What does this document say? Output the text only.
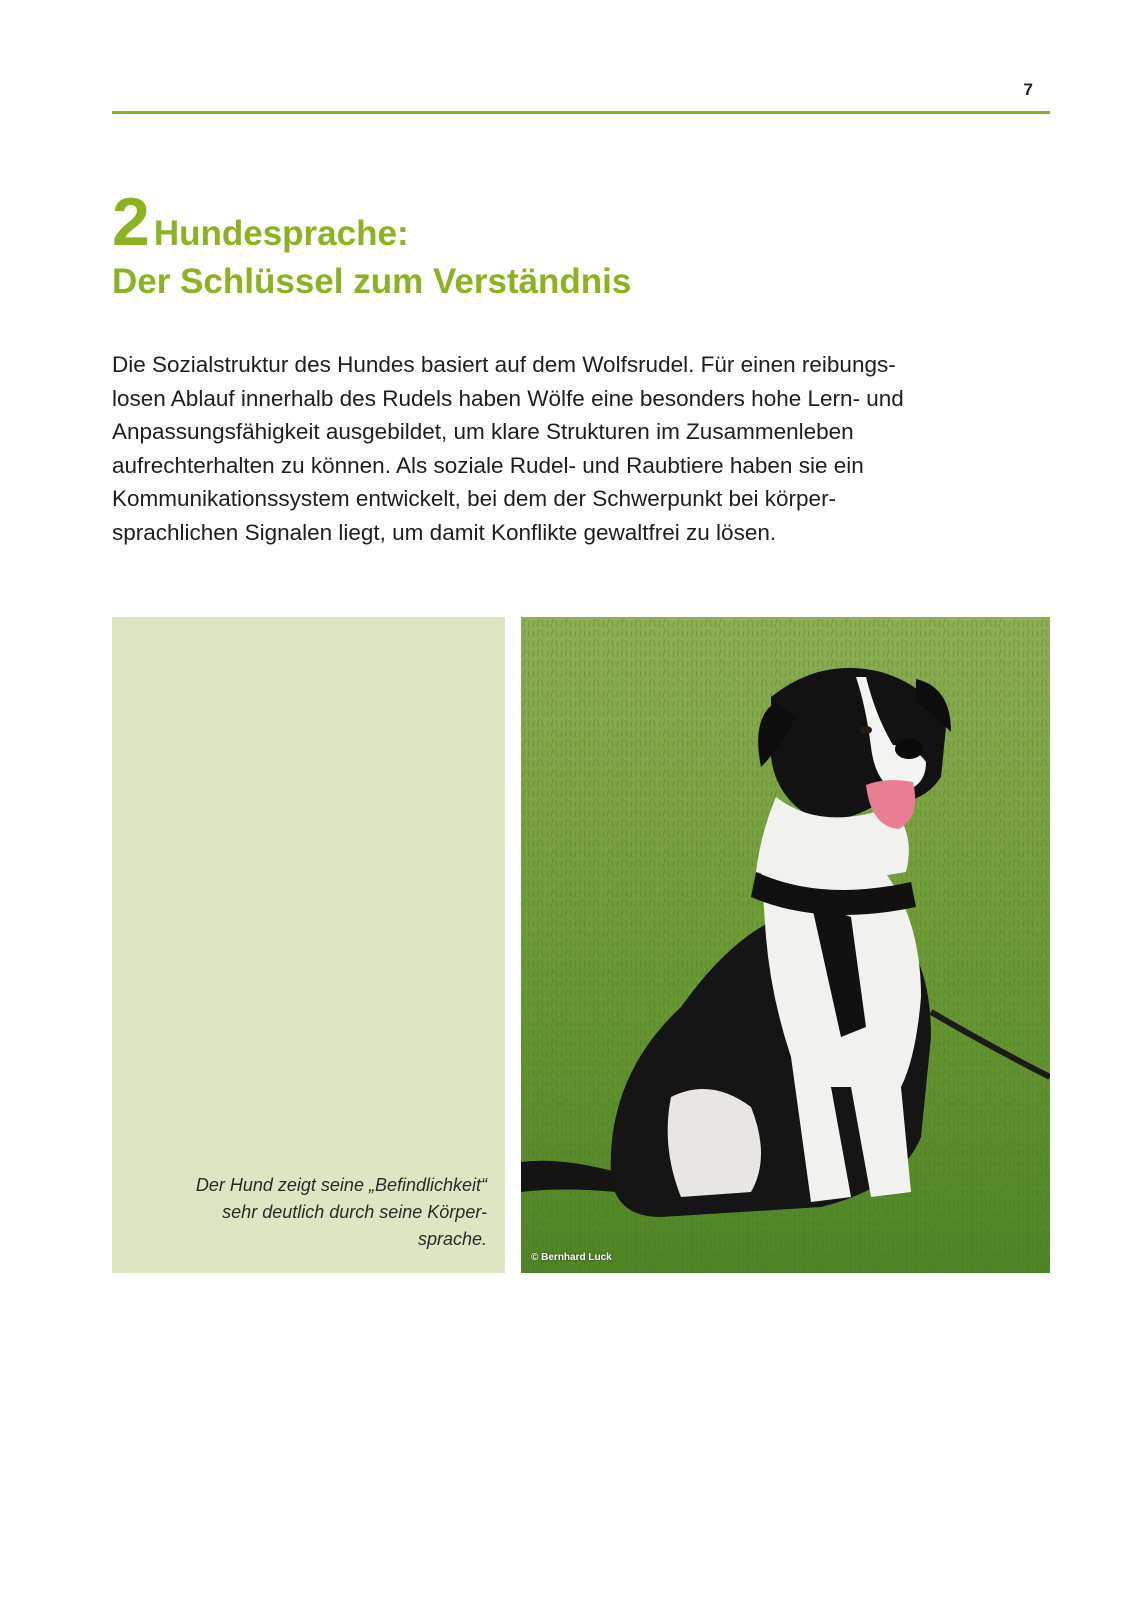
7
2 Hundesprache:
Der Schlüssel zum Verständnis

Die Sozialstruktur des Hundes basiert auf dem Wolfsrudel. Für einen reibungs-
losen Ablauf innerhalb des Rudels haben Wölfe eine besonders hohe Lern- und
Anpassungsfähigkeit ausgebildet, um klare Strukturen im Zusammenleben
aufrechterhalten zu können. Als soziale Rudel- und Raubtiere haben sie ein
Kommunikationssystem entwickelt, bei dem der Schwerpunkt bei körper-
sprachlichen Signalen liegt, um damit Konflikte gewaltfrei zu lösen.

Der Hund zeigt seine „Befindlichkeit“
sehr deutlich durch seine Körper-
sprache.
© Bernhard Luck
